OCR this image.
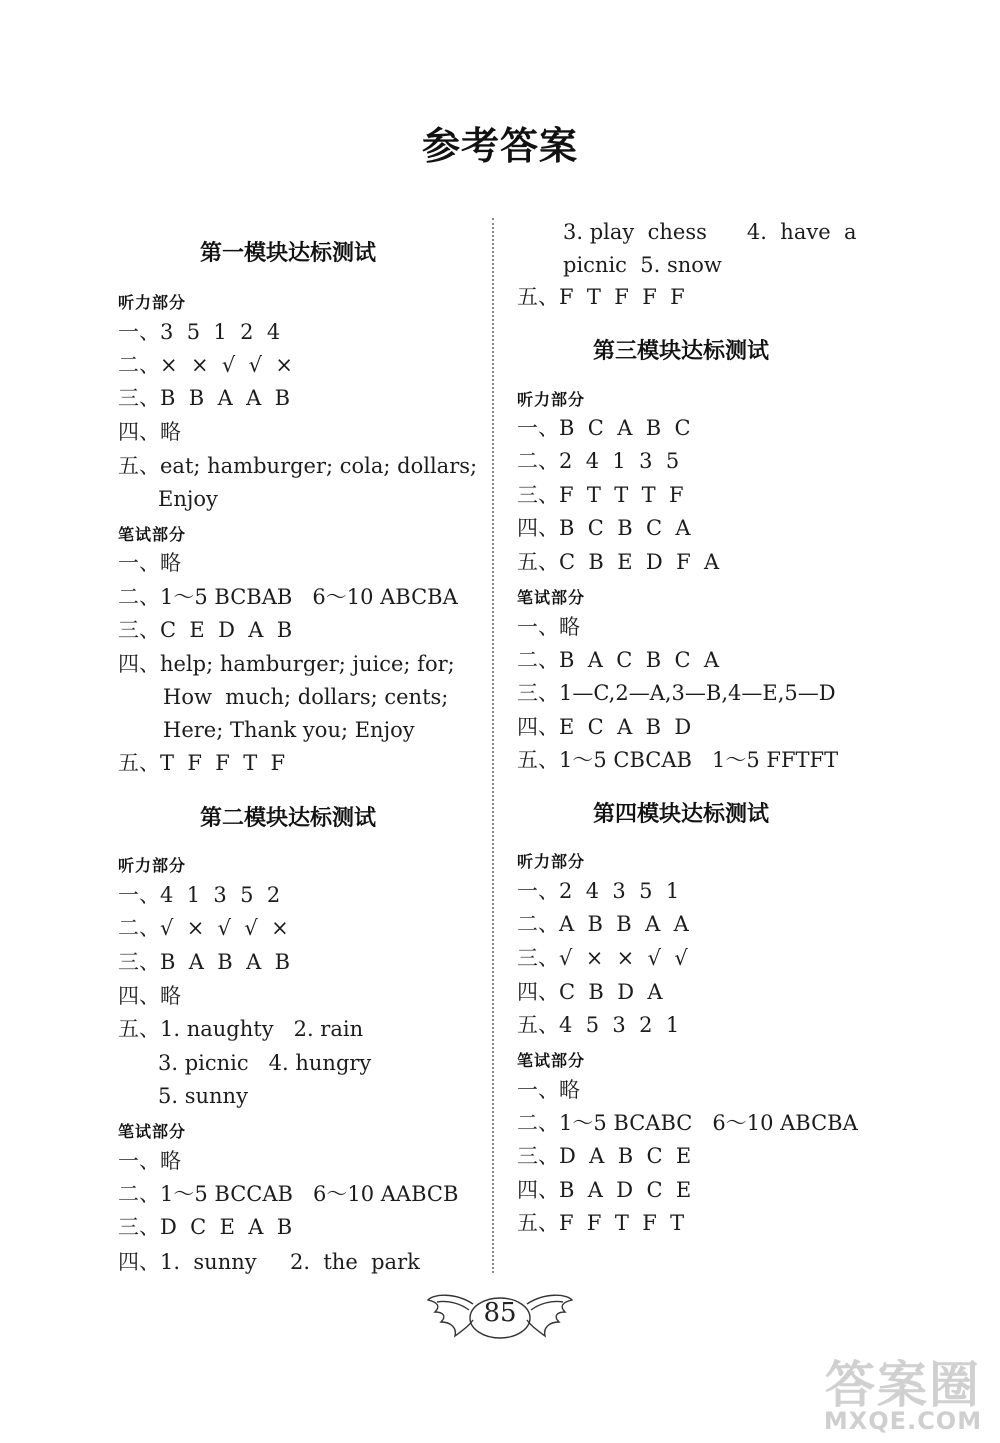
参考答案
第一模块达标测试
听力部分
一、3  5  1  2  4
二、×  ×  √  √  ×
三、B  B  A  A  B
四、略
五、eat; hamburger; cola; dollars;
Enjoy
笔试部分
一、略
二、1～5 BCBAB   6～10 ABCBA
三、C  E  D  A  B
四、help; hamburger; juice; for;
How  much; dollars; cents;
Here; Thank you; Enjoy
五、T  F  F  T  F
第二模块达标测试
听力部分
一、4  1  3  5  2
二、√  ×  √  √  ×
三、B  A  B  A  B
四、略
五、1. naughty   2. rain
3. picnic   4. hungry
5. sunny
笔试部分
一、略
二、1～5 BCCAB   6～10 AABCB
三、D  C  E  A  B
四、1.  sunny     2.  the  park
3. play  chess      4.  have  a
picnic  5. snow
五、F  T  F  F  F
第三模块达标测试
听力部分
一、B  C  A  B  C
二、2  4  1  3  5
三、F  T  T  T  F
四、B  C  B  C  A
五、C  B  E  D  F  A
笔试部分
一、略
二、B  A  C  B  C  A
三、1—C,2—A,3—B,4—E,5—D
四、E  C  A  B  D
五、1～5 CBCAB   1～5 FFTFT
第四模块达标测试
听力部分
一、2  4  3  5  1
二、A  B  B  A  A
三、√  ×  ×  √  √
四、C  B  D  A
五、4  5  3  2  1
笔试部分
一、略
二、1～5 BCABC   6～10 ABCBA
三、D  A  B  C  E
四、B  A  D  C  E
五、F  F  T  F  T
85
答案圈
MXQE.COM
